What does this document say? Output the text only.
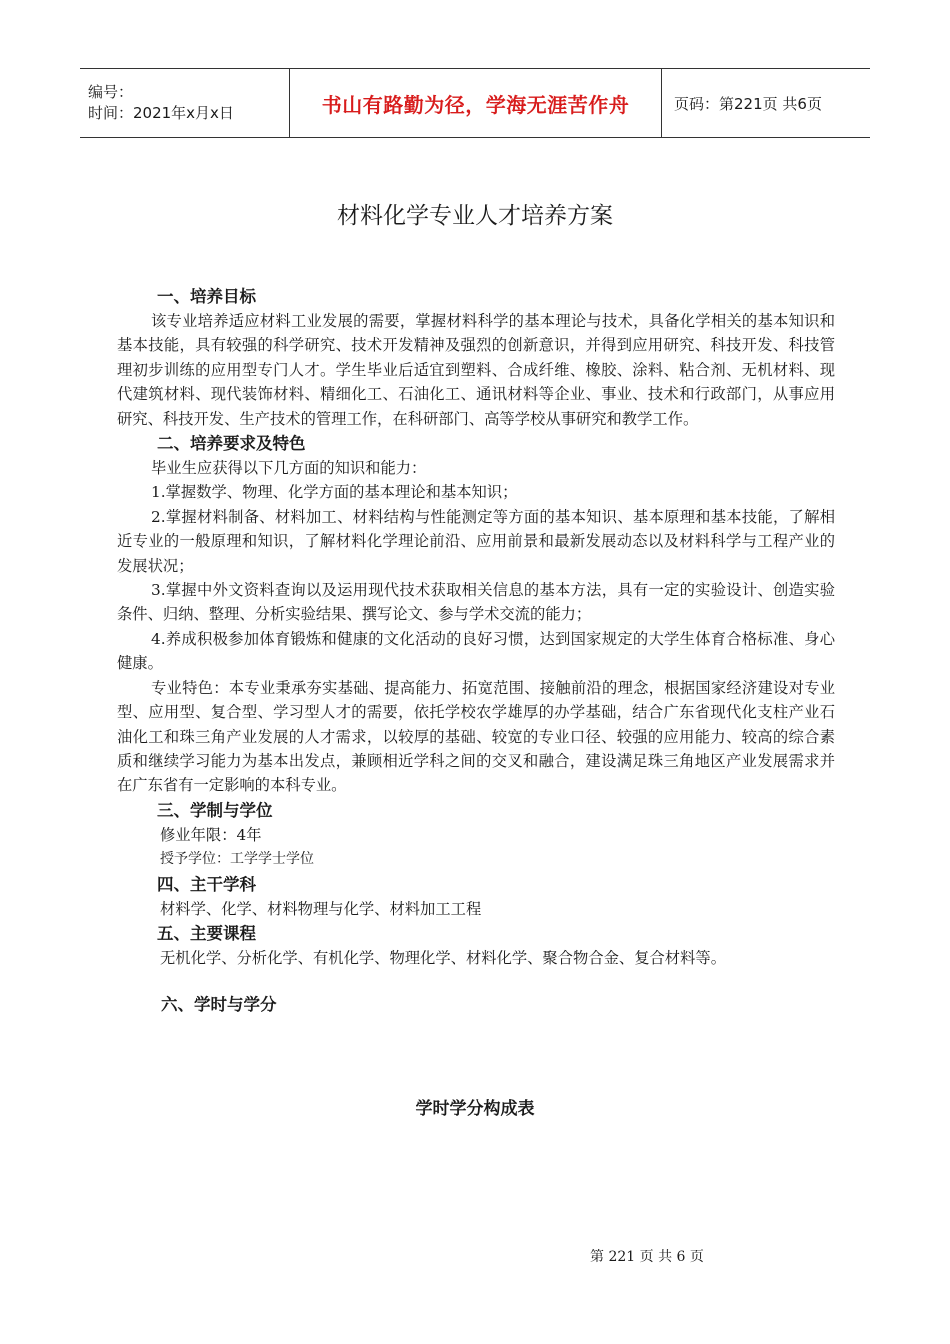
编号：
时间：2021年x月x日	书山有路勤为径，学海无涯苦作舟	页码：第221页 共6页
材料化学专业人才培养方案
一、培养目标

该专业培养适应材料工业发展的需要，掌握材料科学的基本理论与技术，具备化学相关的基本知识和基本技能，具有较强的科学研究、技术开发精神及强烈的创新意识，并得到应用研究、科技开发、科技管理初步训练的应用型专门人才。学生毕业后适宜到塑料、合成纤维、橡胶、涂料、粘合剂、无机材料、现代建筑材料、现代装饰材料、精细化工、石油化工、通讯材料等企业、事业、技术和行政部门，从事应用研究、科技开发、生产技术的管理工作，在科研部门、高等学校从事研究和教学工作。

二、培养要求及特色

毕业生应获得以下几方面的知识和能力：

1.掌握数学、物理、化学方面的基本理论和基本知识；

2.掌握材料制备、材料加工、材料结构与性能测定等方面的基本知识、基本原理和基本技能，了解相近专业的一般原理和知识，了解材料化学理论前沿、应用前景和最新发展动态以及材料科学与工程产业的发展状况；

3.掌握中外文资料查询以及运用现代技术获取相关信息的基本方法，具有一定的实验设计、创造实验条件、归纳、整理、分析实验结果、撰写论文、参与学术交流的能力；

4.养成积极参加体育锻炼和健康的文化活动的良好习惯，达到国家规定的大学生体育合格标准、身心健康。

专业特色：本专业秉承夯实基础、提高能力、拓宽范围、接触前沿的理念，根据国家经济建设对专业型、应用型、复合型、学习型人才的需要，依托学校农学雄厚的办学基础，结合广东省现代化支柱产业石油化工和珠三角产业发展的人才需求，以较厚的基础、较宽的专业口径、较强的应用能力、较高的综合素质和继续学习能力为基本出发点，兼顾相近学科之间的交叉和融合，建设满足珠三角地区产业发展需求并在广东省有一定影响的本科专业。

三、学制与学位

修业年限：4年

授予学位：工学学士学位

四、主干学科

材料学、化学、材料物理与化学、材料加工工程

五、主要课程

无机化学、分析化学、有机化学、物理化学、材料化学、聚合物合金、复合材料等。

六、学时与学分
学时学分构成表
第 221 页 共 6 页
